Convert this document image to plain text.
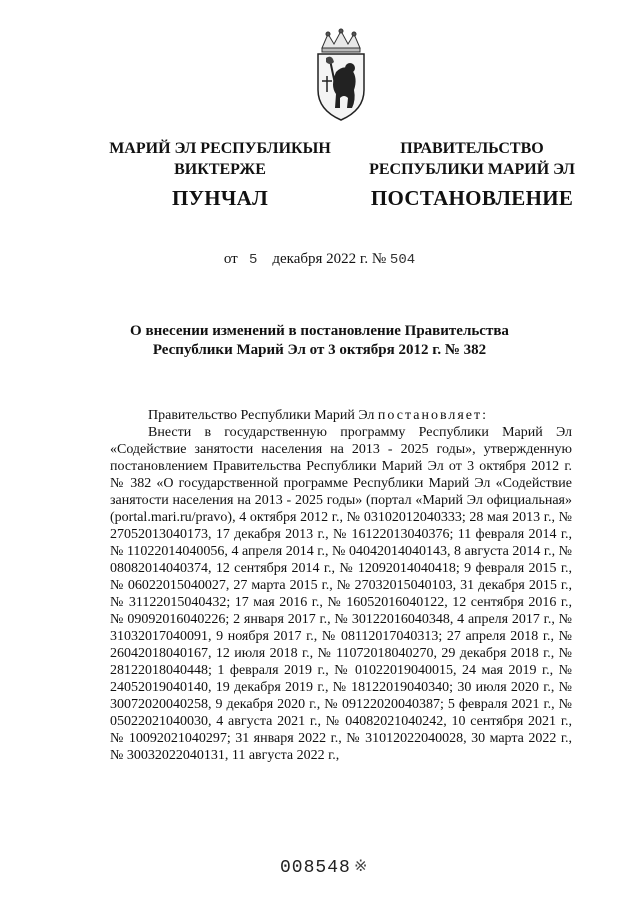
МАРИЙ ЭЛ РЕСПУБЛИКЫН
ВИКТЕРЖЕ
ПУНЧАЛ
ПРАВИТЕЛЬСТВО
РЕСПУБЛИКИ МАРИЙ ЭЛ
ПОСТАНОВЛЕНИЕ
от 5 декабря 2022 г. № 504
О внесении изменений в постановление Правительства
Республики Марий Эл от 3 октября 2012 г. № 382

Правительство Республики Марий Эл постановляет:

Внести в государственную программу Республики Марий Эл «Содействие занятости населения на 2013 - 2025 годы», утвержденную постановлением Правительства Республики Марий Эл от 3 октября 2012 г. № 382 «О государственной программе Республики Марий Эл «Содействие занятости населения на 2013 - 2025 годы» (портал «Марий Эл официальная» (portal.mari.ru/pravo), 4 октября 2012 г., № 03102012040333; 28 мая 2013 г., № 27052013040173, 17 декабря 2013 г., № 16122013040376; 11 февраля 2014 г., № 11022014040056, 4 апреля 2014 г., № 04042014040143, 8 августа 2014 г., № 08082014040374, 12 сентября 2014 г., № 12092014040418; 9 февраля 2015 г., № 06022015040027, 27 марта 2015 г., № 27032015040103, 31 декабря 2015 г., № 31122015040432; 17 мая 2016 г., № 16052016040122, 12 сентября 2016 г., № 09092016040226; 2 января 2017 г., № 30122016040348, 4 апреля 2017 г., № 31032017040091, 9 ноября 2017 г., № 08112017040313; 27 апреля 2018 г., № 26042018040167, 12 июля 2018 г., № 11072018040270, 29 декабря 2018 г., № 28122018040448; 1 февраля 2019 г., № 01022019040015, 24 мая 2019 г., № 24052019040140, 19 декабря 2019 г., № 18122019040340; 30 июля 2020 г., № 30072020040258, 9 декабря 2020 г., № 09122020040387; 5 февраля 2021 г., № 05022021040030, 4 августа 2021 г., № 04082021040242, 10 сентября 2021 г., № 10092021040297; 31 января 2022 г., № 31012022040028, 30 марта 2022 г., № 30032022040131, 11 августа 2022 г.,

008548 ※
